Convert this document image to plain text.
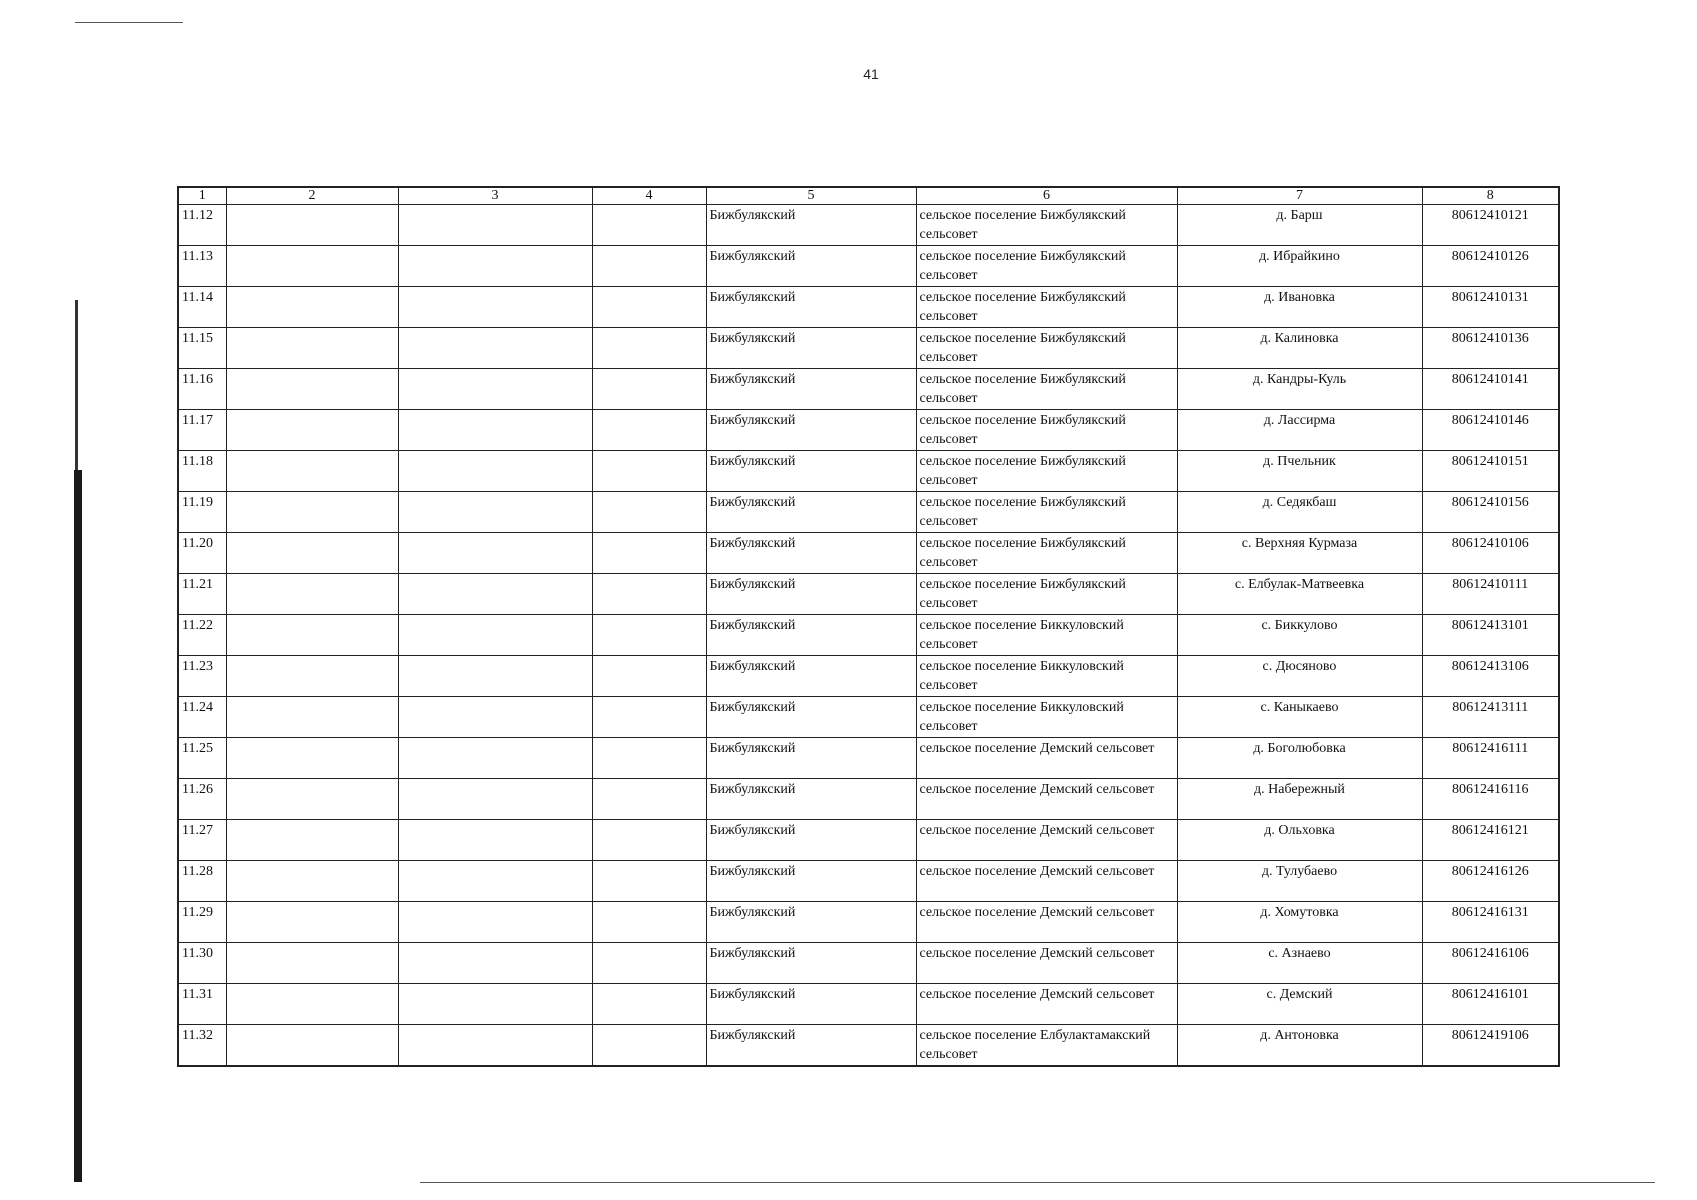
41
1	2	3	4	5	6	7	8
11.12				Бижбулякский	сельское поселение Бижбулякский сельсовет	д. Барш	80612410121
11.13				Бижбулякский	сельское поселение Бижбулякский сельсовет	д. Ибрайкино	80612410126
11.14				Бижбулякский	сельское поселение Бижбулякский сельсовет	д. Ивановка	80612410131
11.15				Бижбулякский	сельское поселение Бижбулякский сельсовет	д. Калиновка	80612410136
11.16				Бижбулякский	сельское поселение Бижбулякский сельсовет	д. Кандры-Куль	80612410141
11.17				Бижбулякский	сельское поселение Бижбулякский сельсовет	д. Лассирма	80612410146
11.18				Бижбулякский	сельское поселение Бижбулякский сельсовет	д. Пчельник	80612410151
11.19				Бижбулякский	сельское поселение Бижбулякский сельсовет	д. Седякбаш	80612410156
11.20				Бижбулякский	сельское поселение Бижбулякский сельсовет	с. Верхняя Курмаза	80612410106
11.21				Бижбулякский	сельское поселение Бижбулякский сельсовет	с. Елбулак-Матвеевка	80612410111
11.22				Бижбулякский	сельское поселение Биккуловский сельсовет	с. Биккулово	80612413101
11.23				Бижбулякский	сельское поселение Биккуловский сельсовет	с. Дюсяново	80612413106
11.24				Бижбулякский	сельское поселение Биккуловский сельсовет	с. Каныкаево	80612413111
11.25				Бижбулякский	сельское поселение Демский сельсовет	д. Боголюбовка	80612416111
11.26				Бижбулякский	сельское поселение Демский сельсовет	д. Набережный	80612416116
11.27				Бижбулякский	сельское поселение Демский сельсовет	д. Ольховка	80612416121
11.28				Бижбулякский	сельское поселение Демский сельсовет	д. Тулубаево	80612416126
11.29				Бижбулякский	сельское поселение Демский сельсовет	д. Хомутовка	80612416131
11.30				Бижбулякский	сельское поселение Демский сельсовет	с. Азнаево	80612416106
11.31				Бижбулякский	сельское поселение Демский сельсовет	с. Демский	80612416101
11.32				Бижбулякский	сельское поселение Елбулактамакский сельсовет	д. Антоновка	80612419106
